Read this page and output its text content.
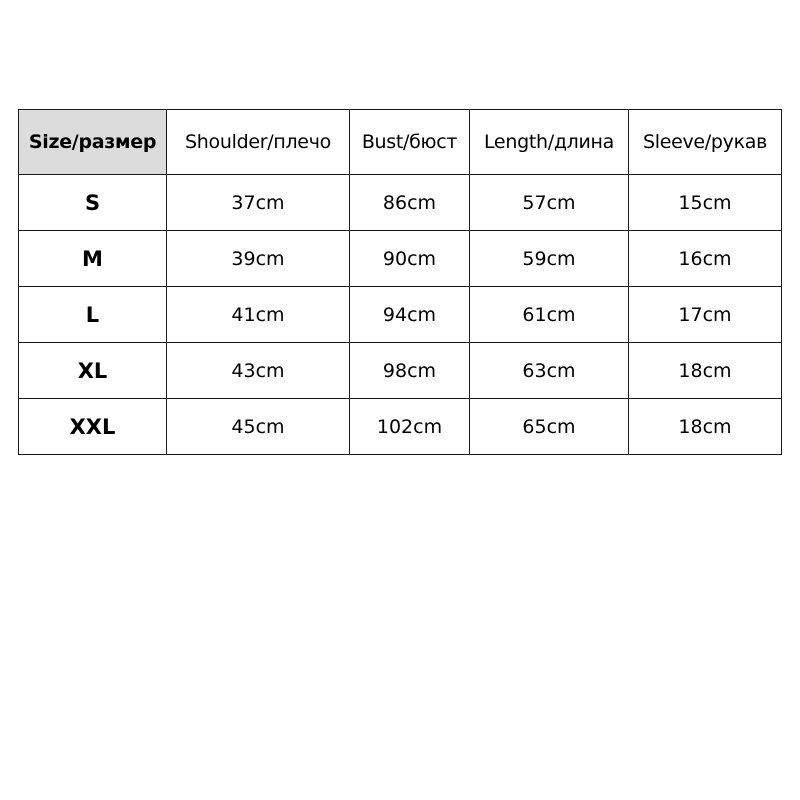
Size/размер	Shoulder/плечо	Bust/бюст	Length/длина	Sleeve/рукав
S	37cm	86cm	57cm	15cm
M	39cm	90cm	59cm	16cm
L	41cm	94cm	61cm	17cm
XL	43cm	98cm	63cm	18cm
XXL	45cm	102cm	65cm	18cm
